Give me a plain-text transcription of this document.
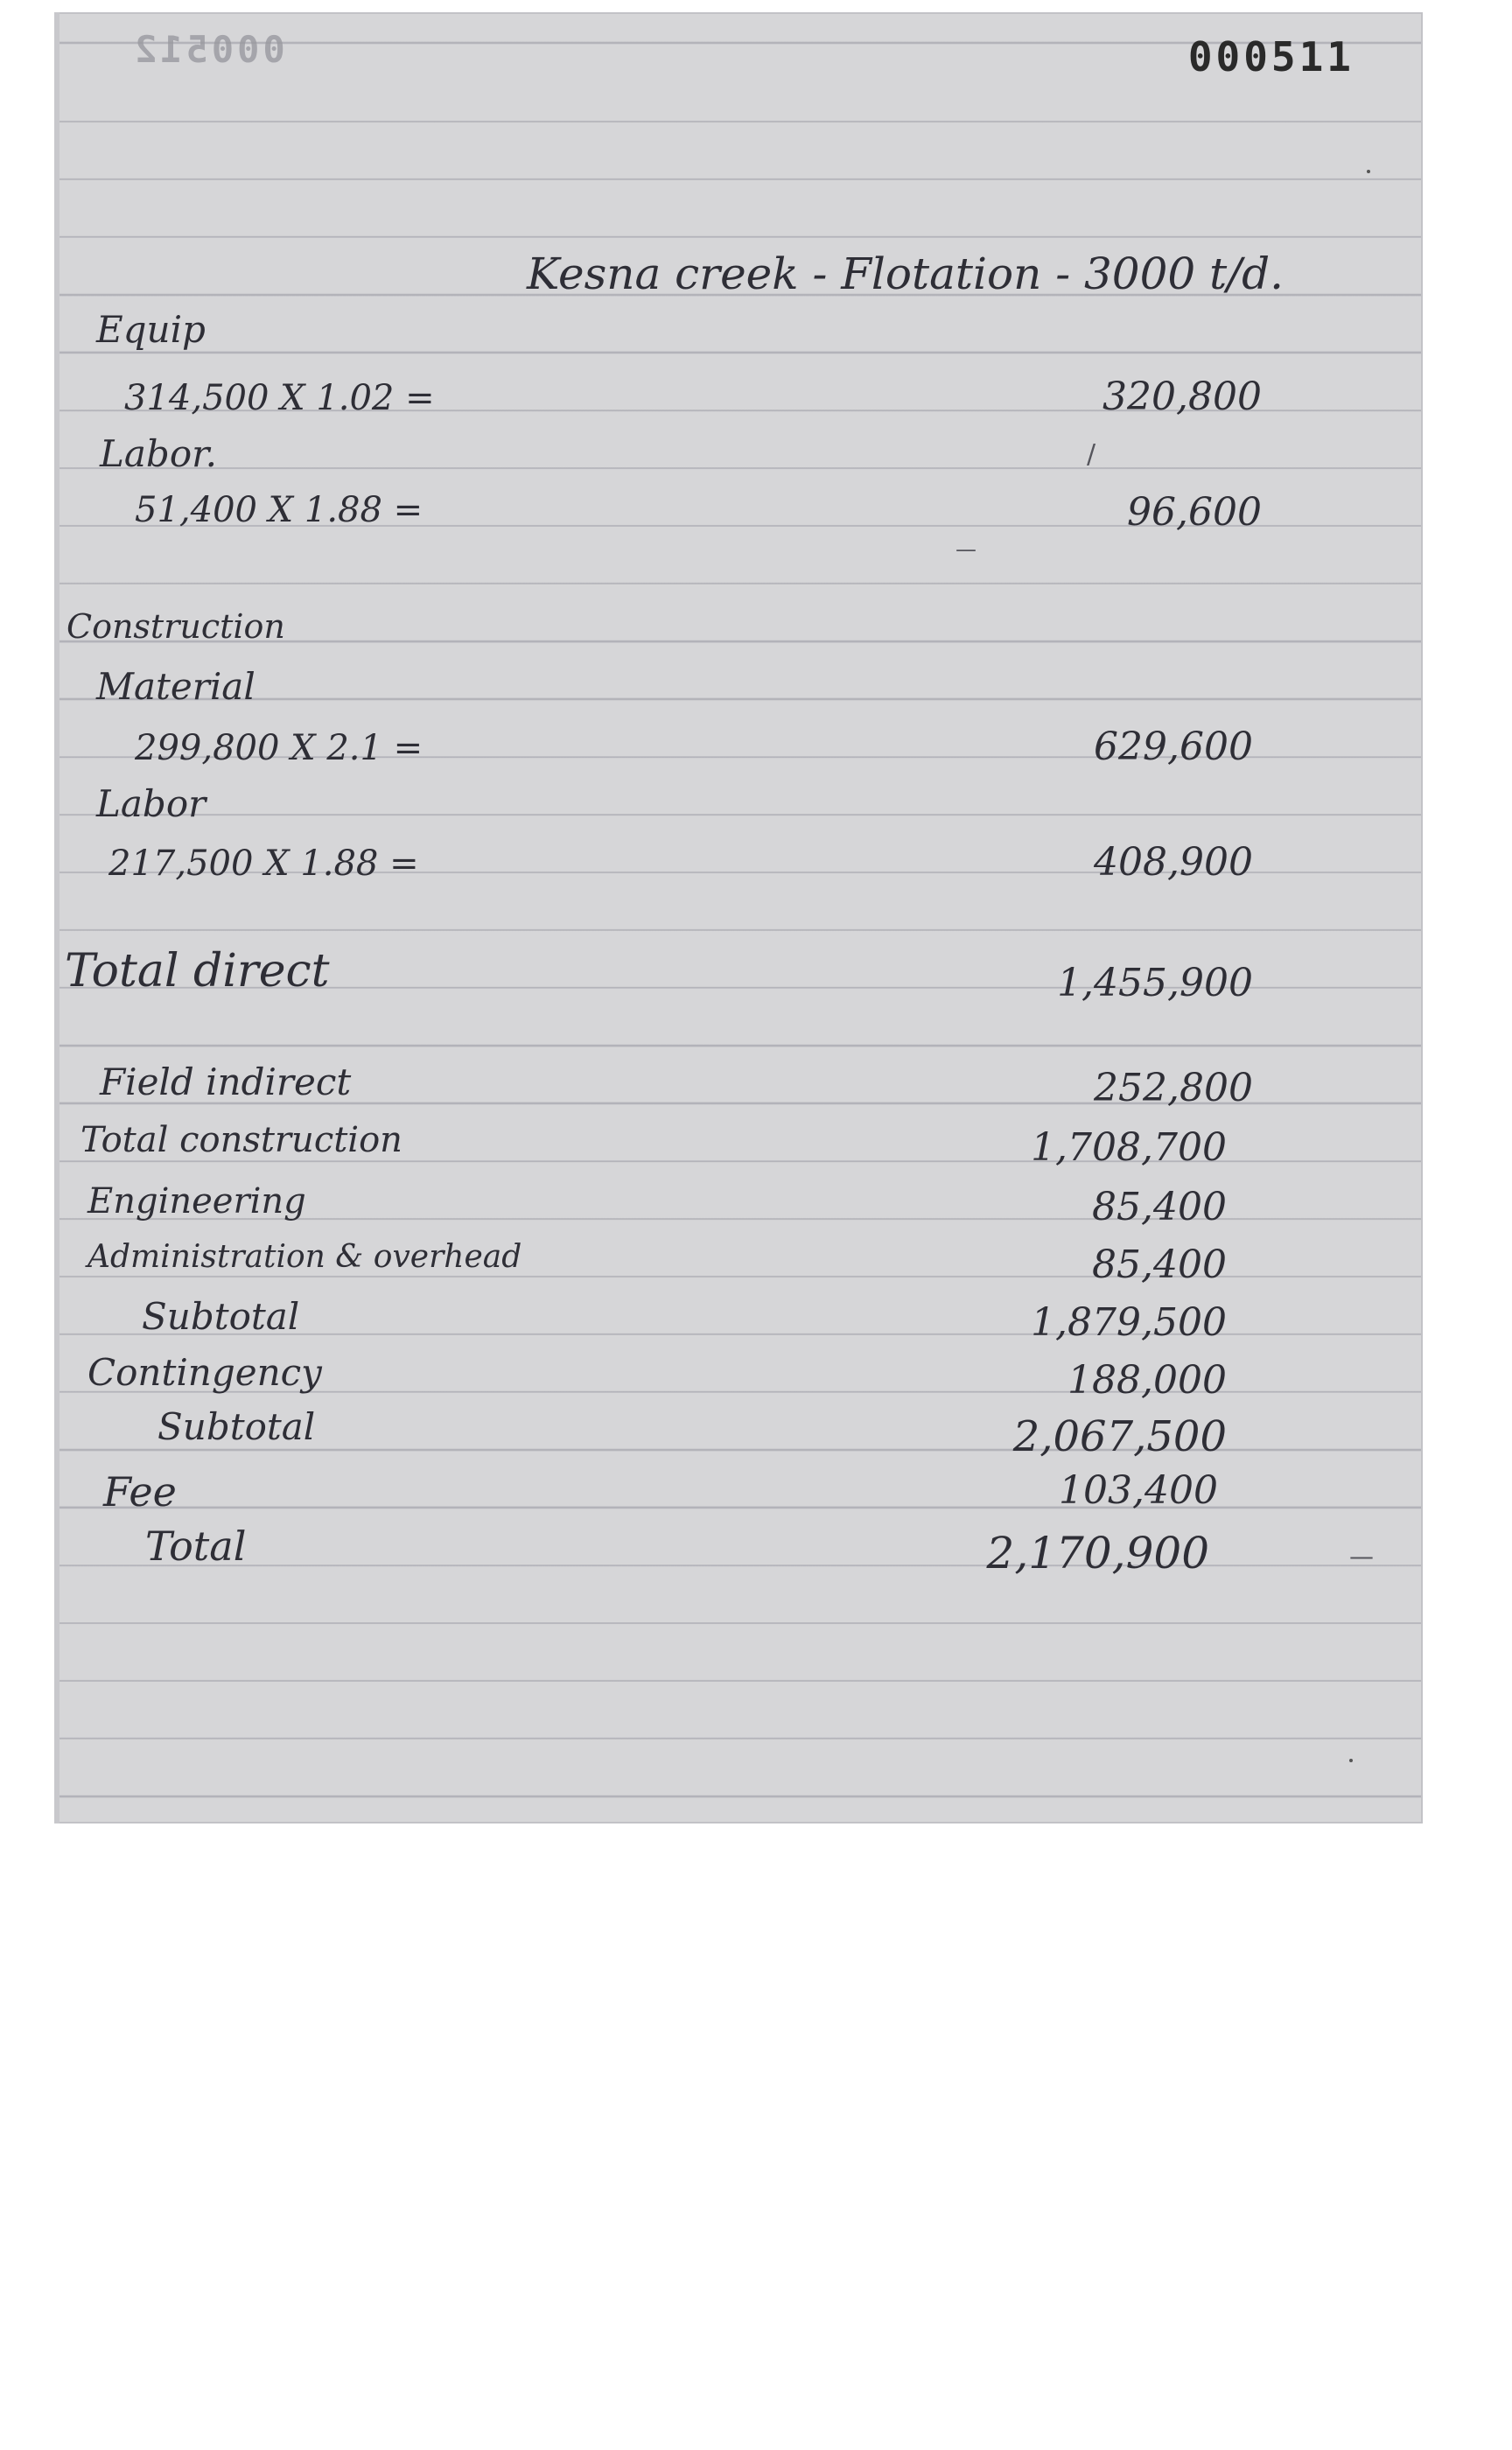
000512	000511
Kesna creek - Flotation - 3000 t/d.
Equip
314,500 X 1.02 =	320,800
Labor.	/
51,400 X 1.88 =	96,600
—
Construction
Material
299,800 X 2.1 =	629,600
Labor
217,500 X 1.88 =	408,900
Total direct	1,455,900
Field indirect	252,800
Total construction	1,708,700
Engineering	85,400
Administration & overhead	85,400
Subtotal	1,879,500
Contingency	188,000
Subtotal	2,067,500
Fee	103,400
Total	2,170,900	—
